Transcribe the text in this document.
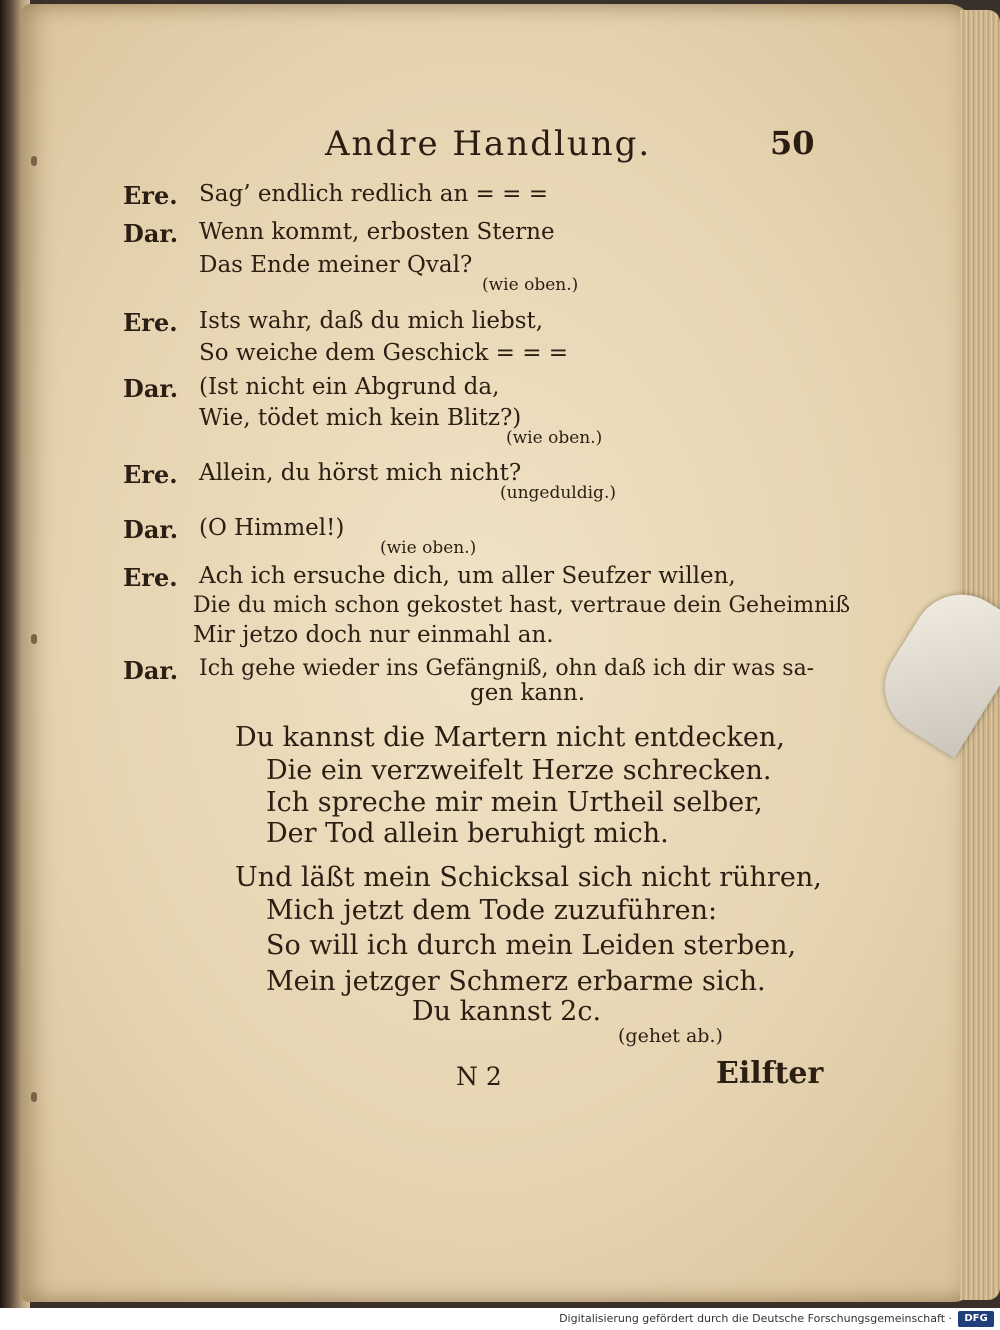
Andre Handlung.	50
Ere. Sag’ endlich redlich an = = =
Dar. Wenn kommt, erbosten Sterne
Das Ende meiner Qval?
(wie oben.)
Ere. Ists wahr, daß du mich liebst,
So weiche dem Geschick = = =
Dar. (Ist nicht ein Abgrund da,
Wie, tödet mich kein Blitz?)
(wie oben.)
Ere. Allein, du hörst mich nicht?
(ungeduldig.)
Dar. (O Himmel!)
(wie oben.)
Ere. Ach ich ersuche dich, um aller Seufzer willen,
Die du mich schon gekostet hast, vertraue dein Geheimniß
Mir jetzo doch nur einmahl an.
Dar. Ich gehe wieder ins Gefängniß, ohn daß ich dir was sa-
gen kann.
Du kannst die Martern nicht entdecken,
Die ein verzweifelt Herze schrecken.
Ich spreche mir mein Urtheil selber,
Der Tod allein beruhigt mich.
Und läßt mein Schicksal sich nicht rühren,
Mich jetzt dem Tode zuzuführen:
So will ich durch mein Leiden sterben,
Mein jetzger Schmerz erbarme sich.
Du kannst 2c.
(gehet ab.)
N 2	Eilfter
Digitalisierung gefördert durch die Deutsche Forschungsgemeinschaft ·	DFG
